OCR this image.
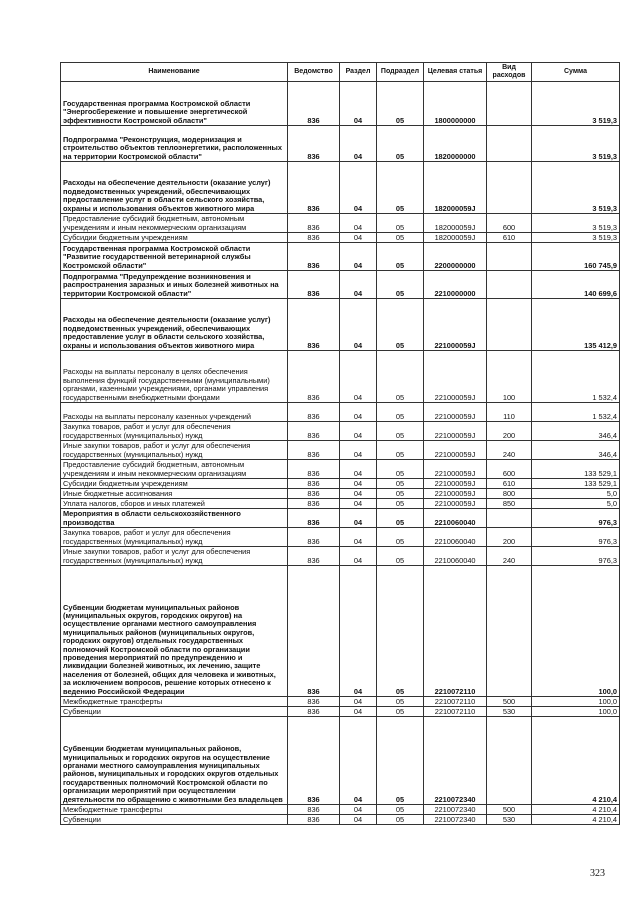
Наименование	Ведомство	Раздел	Подраздел	Целевая статья	Вид расходов	Сумма
Государственная программа Костромской области "Энергосбережение и повышение энергетической эффективности Костромской области"	836	04	05	1800000000		3 519,3
Подпрограмма "Реконструкция, модернизация и строительство объектов теплоэнергетики, расположенных на территории Костромской области"	836	04	05	1820000000		3 519,3
Расходы на обеспечение деятельности (оказание услуг) подведомственных учреждений, обеспечивающих предоставление услуг в области сельского хозяйства, охраны и использования объектов животного мира	836	04	05	182000059J		3 519,3
Предоставление субсидий бюджетным, автономным учреждениям и иным некоммерческим организациям	836	04	05	182000059J	600	3 519,3
Субсидии бюджетным учреждениям	836	04	05	182000059J	610	3 519,3
Государственная программа Костромской области "Развитие государственной ветеринарной службы Костромской области"	836	04	05	2200000000		160 745,9
Подпрограмма "Предупреждение возникновения и распространения заразных и иных болезней животных на территории Костромской области"	836	04	05	2210000000		140 699,6
Расходы на обеспечение деятельности (оказание услуг) подведомственных учреждений, обеспечивающих предоставление услуг в области сельского хозяйства, охраны и использования объектов животного мира	836	04	05	221000059J		135 412,9
Расходы на выплаты персоналу в целях обеспечения выполнения функций государственными (муниципальными) органами, казенными учреждениями, органами управления государственными внебюджетными фондами	836	04	05	221000059J	100	1 532,4
Расходы на выплаты персоналу казенных учреждений	836	04	05	221000059J	110	1 532,4
Закупка товаров, работ и услуг для обеспечения государственных (муниципальных) нужд	836	04	05	221000059J	200	346,4
Иные закупки товаров, работ и услуг для обеспечения государственных (муниципальных) нужд	836	04	05	221000059J	240	346,4
Предоставление субсидий бюджетным, автономным учреждениям и иным некоммерческим организациям	836	04	05	221000059J	600	133 529,1
Субсидии бюджетным учреждениям	836	04	05	221000059J	610	133 529,1
Иные бюджетные ассигнования	836	04	05	221000059J	800	5,0
Уплата налогов, сборов и иных платежей	836	04	05	221000059J	850	5,0
Мероприятия в области сельскохозяйственного производства	836	04	05	2210060040		976,3
Закупка товаров, работ и услуг для обеспечения государственных (муниципальных) нужд	836	04	05	2210060040	200	976,3
Иные закупки товаров, работ и услуг для обеспечения государственных (муниципальных) нужд	836	04	05	2210060040	240	976,3
Субвенции бюджетам муниципальных районов (муниципальных округов, городских округов) на осуществление органами местного самоуправления муниципальных районов (муниципальных округов, городских округов) отдельных государственных полномочий Костромской области по организации проведения мероприятий по предупреждению и ликвидации болезней животных, их лечению, защите населения от болезней, общих для человека и животных, за исключением вопросов, решение которых отнесено к ведению Российской Федерации	836	04	05	2210072110		100,0
Межбюджетные трансферты	836	04	05	2210072110	500	100,0
Субвенции	836	04	05	2210072110	530	100,0
Субвенции бюджетам муниципальных районов, муниципальных и городских округов на осуществление органами местного самоуправления муниципальных районов, муниципальных и городских округов отдельных государственных полномочий Костромской области по организации мероприятий при осуществлении деятельности по обращению с животными без владельцев	836	04	05	2210072340		4 210,4
Межбюджетные трансферты	836	04	05	2210072340	500	4 210,4
Субвенции	836	04	05	2210072340	530	4 210,4
323
